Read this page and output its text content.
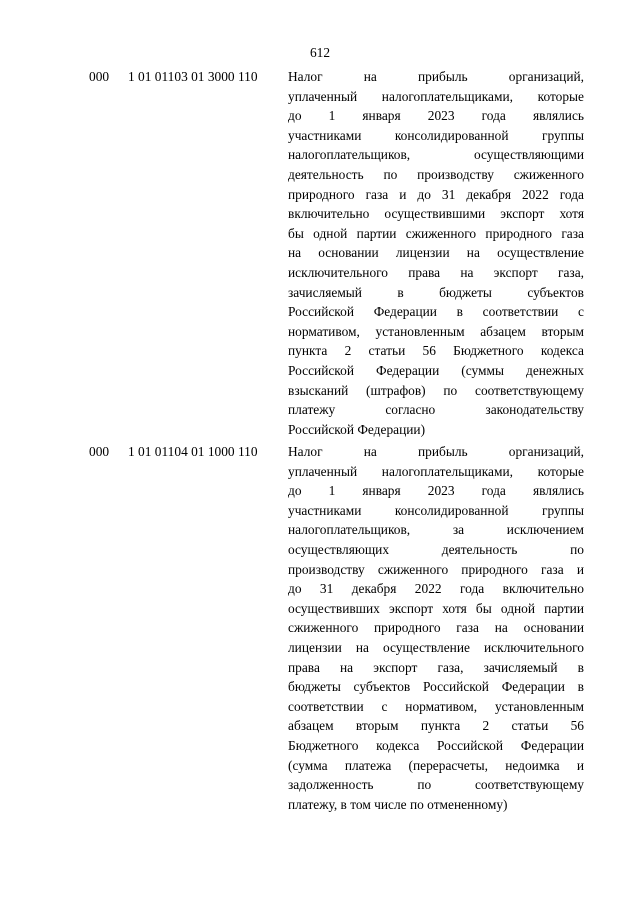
612
000 1 01 01103 01 3000 110 Налог на прибыль организаций,
уплаченный налогоплательщиками, которые
до 1 января 2023 года являлись
участниками консолидированной группы
налогоплательщиков, осуществляющими
деятельность по производству сжиженного
природного газа и до 31 декабря 2022 года
включительно осуществившими экспорт хотя
бы одной партии сжиженного природного газа
на основании лицензии на осуществление
исключительного права на экспорт газа,
зачисляемый в бюджеты субъектов
Российской Федерации в соответствии с
нормативом, установленным абзацем вторым
пункта 2 статьи 56 Бюджетного кодекса
Российской Федерации (суммы денежных
взысканий (штрафов) по соответствующему
платежу согласно законодательству
Российской Федерации)
000 1 01 01104 01 1000 110 Налог на прибыль организаций,
уплаченный налогоплательщиками, которые
до 1 января 2023 года являлись
участниками консолидированной группы
налогоплательщиков, за исключением
осуществляющих деятельность по
производству сжиженного природного газа и
до 31 декабря 2022 года включительно
осуществивших экспорт хотя бы одной партии
сжиженного природного газа на основании
лицензии на осуществление исключительного
права на экспорт газа, зачисляемый в
бюджеты субъектов Российской Федерации в
соответствии с нормативом, установленным
абзацем вторым пункта 2 статьи 56
Бюджетного кодекса Российской Федерации
(сумма платежа (перерасчеты, недоимка и
задолженность по соответствующему
платежу, в том числе по отмененному)
